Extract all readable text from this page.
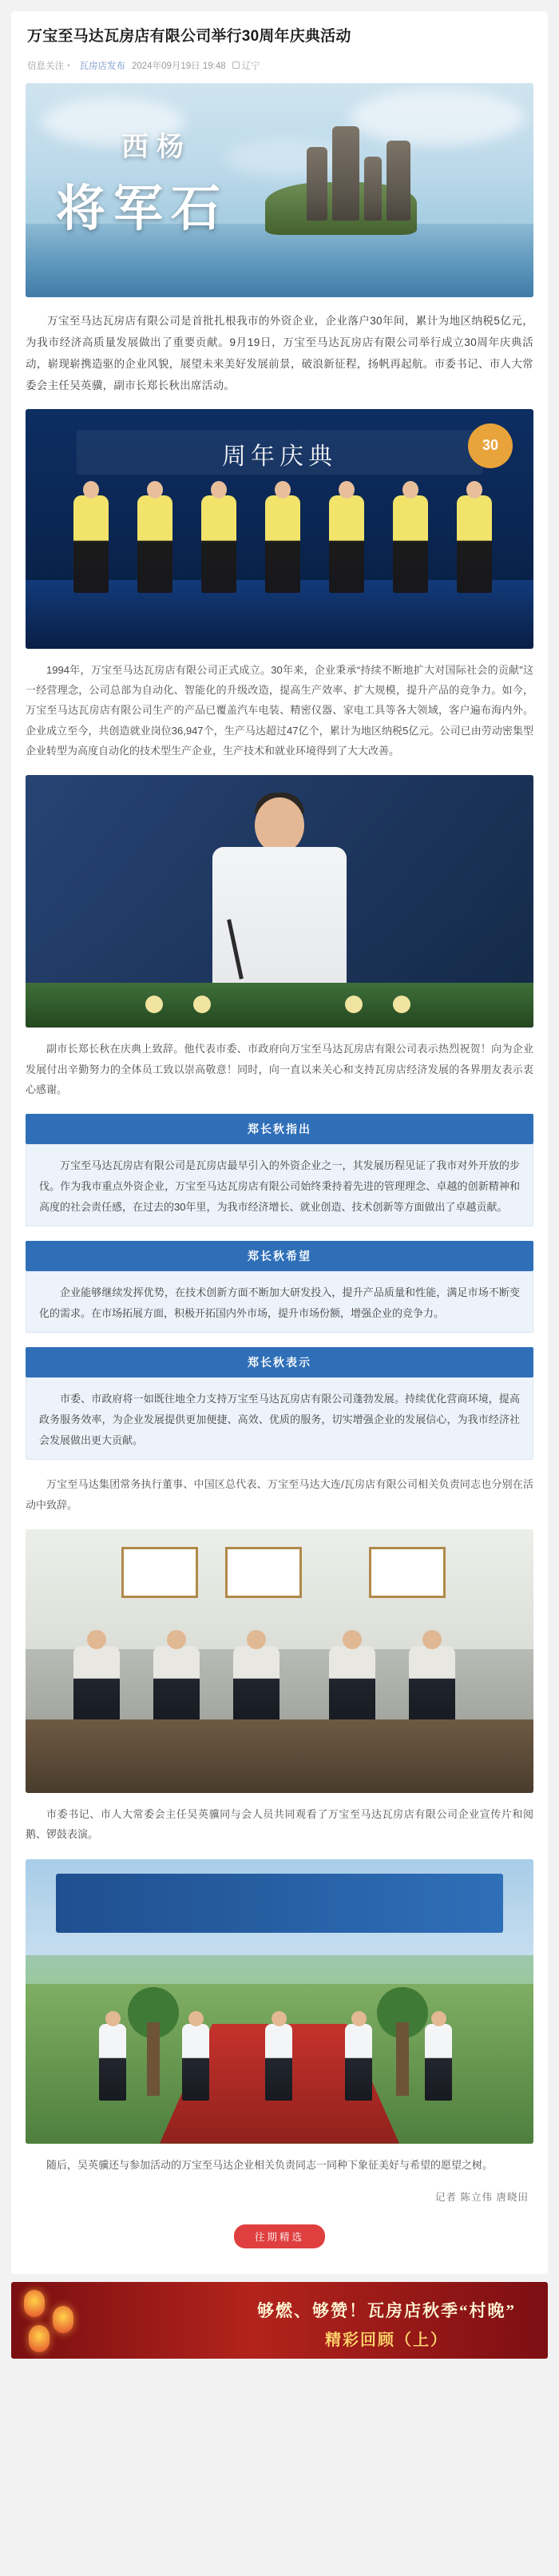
万宝至马达瓦房店有限公司举行30周年庆典活动
信息关注・ 瓦房店发布 2024年09月19日 19:48 辽宁
西杨
将军石

万宝至马达瓦房店有限公司是首批扎根我市的外资企业，企业落户30年间，累计为地区纳税5亿元，为我市经济高质量发展做出了重要贡献。9月19日，万宝至马达瓦房店有限公司举行成立30周年庆典活动，崭现崭携造驱的企业风貌，展望未来美好发展前景，破浪新征程，扬帆再起航。市委书记、市人大常委会主任吴英骥，副市长郑长秋出席活动。

周年庆典	30

1994年，万宝至马达瓦房店有限公司正式成立。30年来，企业秉承“持续不断地扩大对国际社会的贡献”这一经营理念，公司总部为自动化、智能化的升级改造，提高生产效率、扩大规模，提升产品的竞争力。如今，万宝至马达瓦房店有限公司生产的产品已覆盖汽车电装、精密仪器、家电工具等各大领域，客户遍布海内外。企业成立至今，共创造就业岗位36,947个，生产马达超过47亿个，累计为地区纳税5亿元。公司已由劳动密集型企业转型为高度自动化的技术型生产企业，生产技术和就业环境得到了大大改善。

副市长郑长秋在庆典上致辞。他代表市委、市政府向万宝至马达瓦房店有限公司表示热烈祝贺！向为企业发展付出辛勤努力的全体员工致以崇高敬意！同时，向一直以来关心和支持瓦房店经济发展的各界朋友表示衷心感谢。

郑长秋指出

万宝至马达瓦房店有限公司是瓦房店最早引入的外资企业之一，其发展历程见证了我市对外开放的步伐。作为我市重点外资企业，万宝至马达瓦房店有限公司始终秉持着先进的管理理念、卓越的创新精神和高度的社会责任感，在过去的30年里，为我市经济增长、就业创造、技术创新等方面做出了卓越贡献。

郑长秋希望

企业能够继续发挥优势，在技术创新方面不断加大研发投入，提升产品质量和性能，满足市场不断变化的需求。在市场拓展方面，积极开拓国内外市场，提升市场份额，增强企业的竞争力。

郑长秋表示

市委、市政府将一如既往地全力支持万宝至马达瓦房店有限公司蓬勃发展。持续优化营商环境，提高政务服务效率，为企业发展提供更加便捷、高效、优质的服务，切实增强企业的发展信心，为我市经济社会发展做出更大贡献。

万宝至马达集团常务执行董事、中国区总代表、万宝至马达大连/瓦房店有限公司相关负责同志也分别在活动中致辞。

市委书记、市人大常委会主任吴英骥同与会人员共同观看了万宝至马达瓦房店有限公司企业宣传片和阅鹅、锣鼓表演。

随后，吴英骥还与参加活动的万宝至马达企业相关负责同志一同种下象征美好与希望的愿望之树。

记者 陈立伟 唐晓田
往期精选
够燃、够赞！瓦房店秋季“村晚”
精彩回顾（上）
